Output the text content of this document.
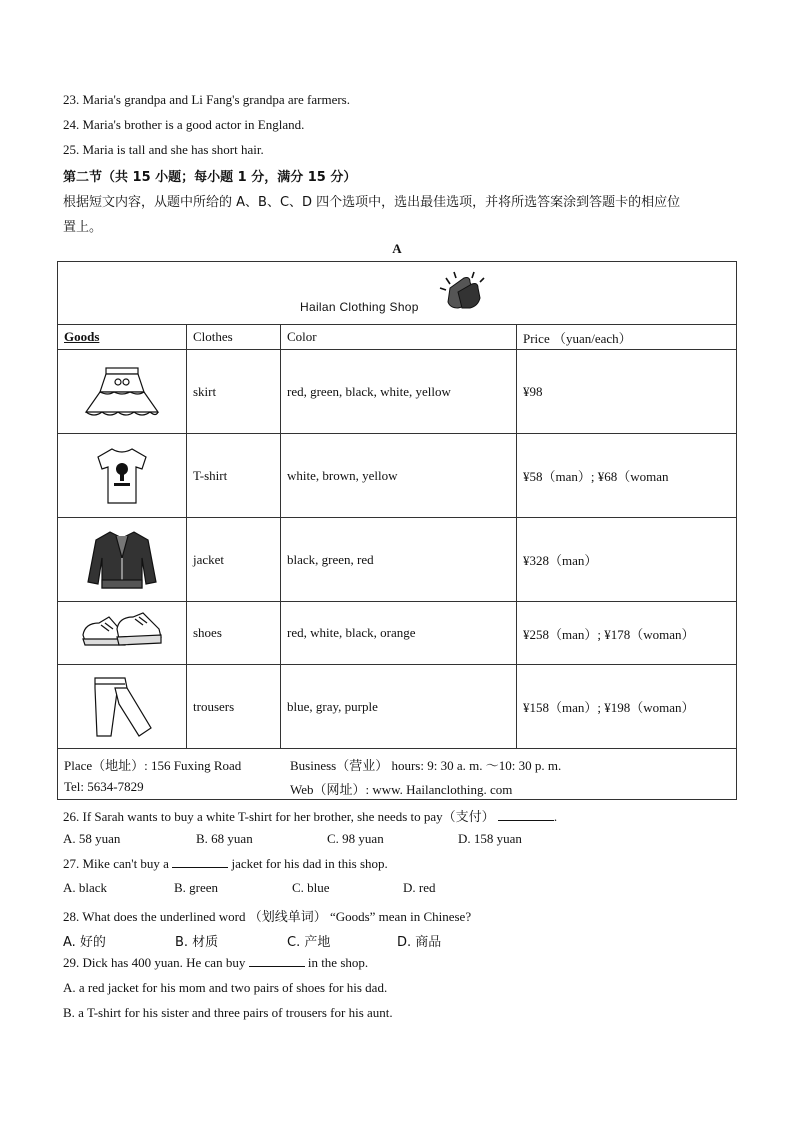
23. Maria's grandpa and Li Fang's grandpa are farmers.
24. Maria's brother is a good actor in England.
25. Maria is tall and she has short hair.
第二节（共 15 小题；每小题 1 分，满分 15 分）
根据短文内容，从题中所给的 A、B、C、D 四个选项中，选出最佳选项，并将所选答案涂到答题卡的相应位
置上。
A
Hailan Clothing Shop			

Goods	Clothes	Color	Price （yuan/each）

	skirt	red, green, black, white, yellow	¥98

	T-shirt	white, brown, yellow	¥58（man）; ¥68（woman

	jacket	black, green, red	¥328（man）

	shoes	red, white, black, orange	¥258（man）; ¥178（woman）

	trousers	blue, gray, purple	¥158（man）; ¥198（woman）

Place（地址）: 156 Fuxing Road Business（营业） hours: 9: 30 a. m. ～10: 30 p. m.
Tel: 5634-7829 Web（网址）: www. Hailanclothing. com			
26. If Sarah wants to buy a white T-shirt for her brother, she needs to pay（支付）	.
A. 58 yuan	B. 68 yuan	C. 98 yuan	D. 158 yuan
27. Mike can't buy a	jacket for his dad in this shop.
A. black	B. green	C. blue	D. red
28. What does the underlined word （划线单词） “Goods” mean in Chinese?
A. 好的	B. 材质	C. 产地	D. 商品
29. Dick has 400 yuan. He can buy	in the shop.
A. a red jacket for his mom and two pairs of shoes for his dad.
B. a T-shirt for his sister and three pairs of trousers for his aunt.
